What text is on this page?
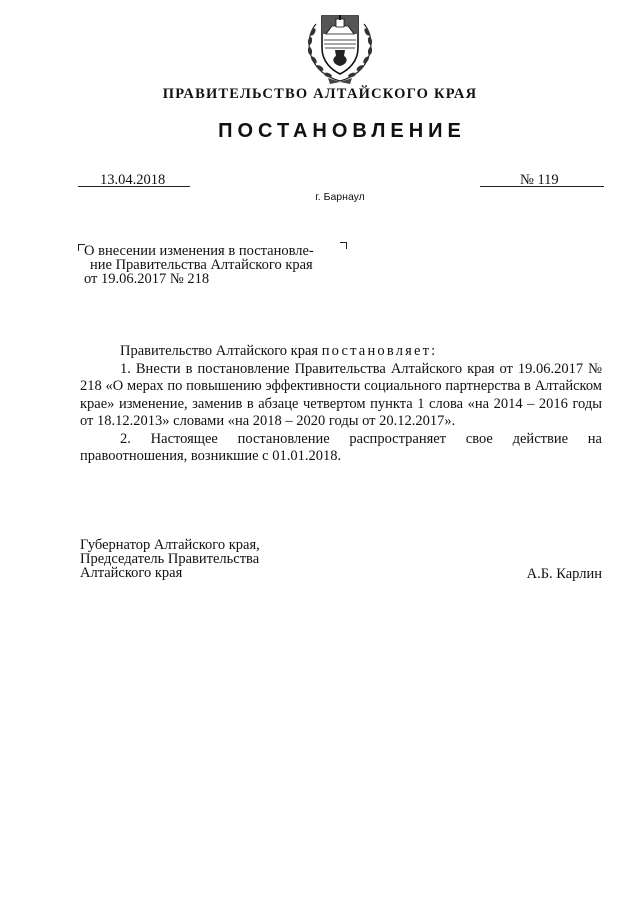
ПРАВИТЕЛЬСТВО АЛТАЙСКОГО КРАЯ
ПОСТАНОВЛЕНИЕ
13.04.2018	№ 119
г. Барнаул
О внесении изменения в постановле-
ние Правительства Алтайского края
от 19.06.2017 № 218

Правительство Алтайского края постановляет:

1. Внести в постановление Правительства Алтайского края от 19.06.2017 № 218 «О мерах по повышению эффективности социального партнерства в Алтайском крае» изменение, заменив в абзаце четвертом пункта 1 слова «на 2014 – 2016 годы от 18.12.2013» словами «на 2018 – 2020 годы от 20.12.2017».

2. Настоящее постановление распространяет свое действие на правоотношения, возникшие с 01.01.2018.

Губернатор Алтайского края,
Председатель Правительства
Алтайского края	А.Б. Карлин
